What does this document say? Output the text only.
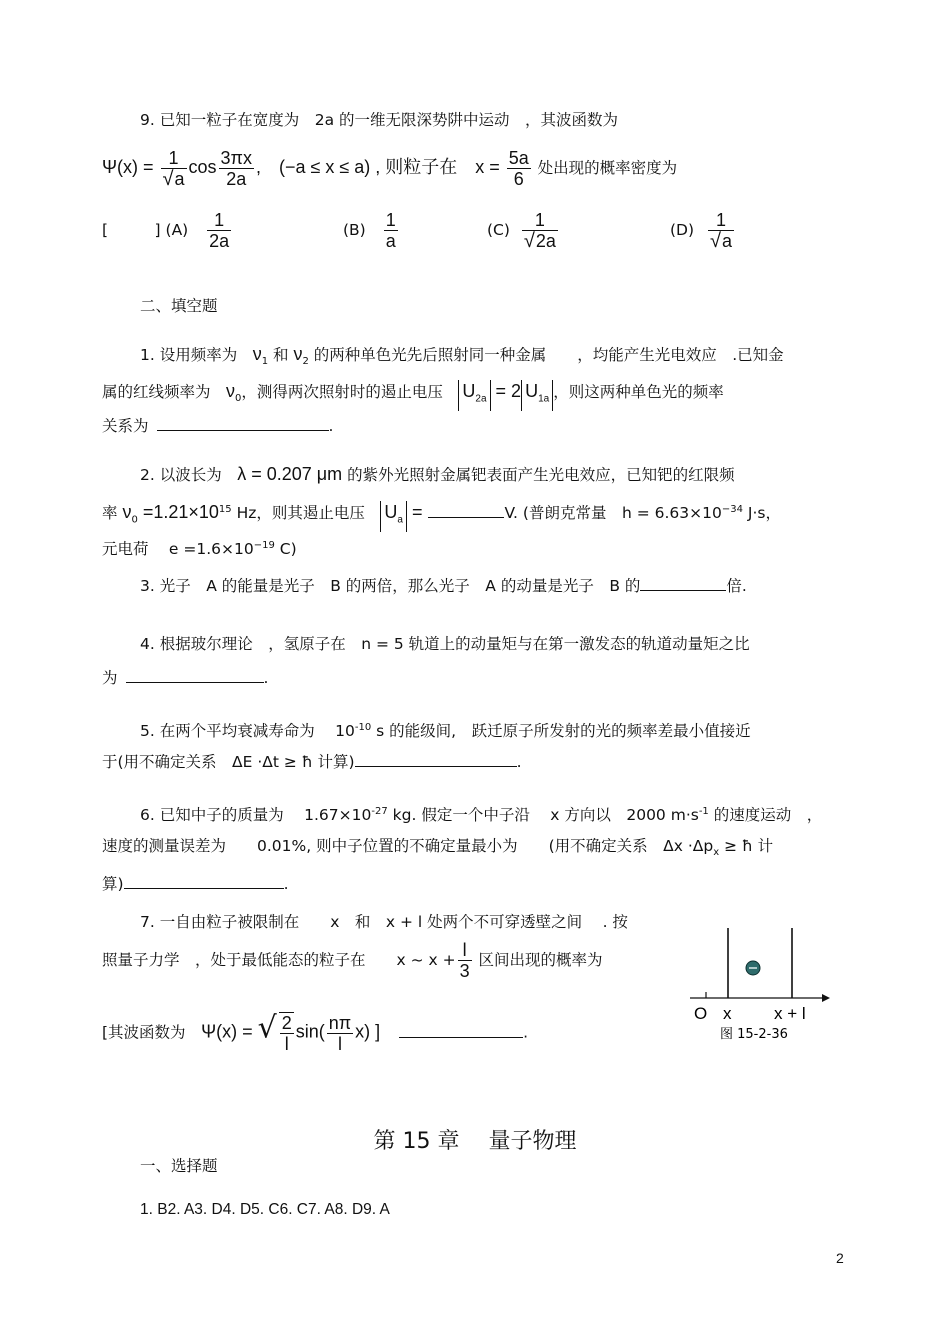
9. 已知一粒子在宽度为　2a 的一维无限深势阱中运动　，其波函数为
$\Psi(x) = \frac{1}{√a}$ $\cos \frac{3\pi x}{2a}$ ,　(−a ≤ x ≤ a) , 则粒子在　$x = \frac{5a}{6}$ 处出现的概率密度为
[　　　] $(A) \frac{1}{2a}$	$(B) \frac{1}{a}$	$(C) \frac{1}{√2a}$	$(D) \frac{1}{√a}$
二、填空题
1. 设用频率为　$\nu_1$ 和 $\nu_2$ 的两种单色光先后照射同一种金属　　，均能产生光电效应　.已知金
属的红线频率为　$\nu_0$，测得两次照射时的遏止电压　$U_{2a} = 2$ $U_{1a}$ ，则这两种单色光的频率
关系为	.
2. 以波长为　λ = 0.207 μm 的紫外光照射金属钯表面产生光电效应，已知钯的红限频
率 $\nu_0 =1.21\times 10^{15}$ Hz，则其遏止电压　$U_a$ =	V. (普朗克常量　$h = 6.63\times 10^{-34}$ J·s，
元电荷　 $e =1.6\times 10^{-19}$ C)
3. 光子　A 的能量是光子　B 的两倍，那么光子　A 的动量是光子　B 的	倍.
4. 根据玻尔理论　，氢原子在　n = 5 轨道上的动量矩与在第一激发态的轨道动量矩之比
为	.
5. 在两个平均衰减寿命为　 $10^{-10}$ s 的能级间,　跃迁原子所发射的光的频率差最小值接近
于(用不确定关系　ΔE ·Δt ≥ ħ 计算)	.
6. 已知中子的质量为　 $1.67\times 10^{-27}$ kg. 假定一个中子沿　 x 方向以　2000 $m\cdot s^{-1}$ 的速度运动　，
速度的测量误差为　　0.01%, 则中子位置的不确定量最小为　　(用不确定关系　$\Delta x \cdot\Delta p_x$ ≥ ħ 计
算)	.
7. 一自由粒子被限制在　　x　和　x + l 处两个不可穿透壁之间　 . 按
照量子力学　，处于最低能态的粒子在　　x ~ $x + \frac{l}{3}$ 区间出现的概率为
[其波函数为　Ψ(x) = √ $\frac{2}{l} \sin( \frac{n\pi}{l} x)$ ]	.
O x	x + l
图 15-2-36
第 15 章　 量子物理
一、选择题
1. B2. A3. D4. D5. C6. C7. A8. D9. A
2
